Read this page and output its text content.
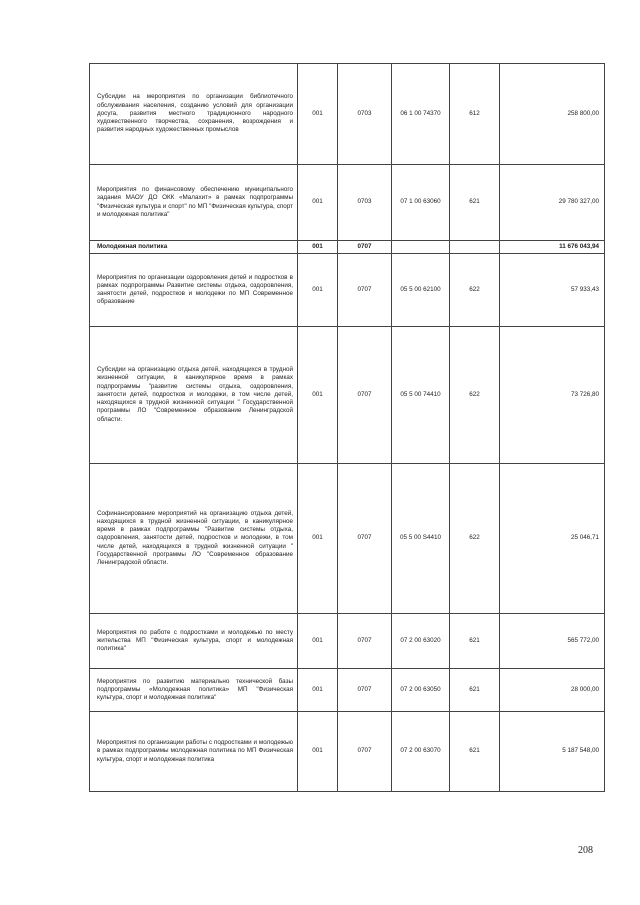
Субсидии на мероприятия по организации библиотечного обслуживания населения, созданию условий для организации досуга, развития местного традиционного народного художественного творчества, сохранения, возрождения и развития народных художественных промыслов	001	0703	06 1 00 74370	612	258 800,00
Мероприятия по финансовому обеспечению муниципального задания МАОУ ДО ОКК «Малахит» в рамках подпрограммы "Физическая культура и спорт" по МП "Физическая культура, спорт и молодежная политика"	001	0703	07 1 00 63060	621	29 780 327,00
Молодежная политика	001	0707			11 676 043,94
Мероприятия по организации оздоровления детей и подростков в рамках подпрограммы Развитие системы отдыха, оздоровления, занятости детей, подростков и молодежи по МП Современное образование	001	0707	05 5 00 62100	622	57 933,43
Субсидии на организацию отдыха детей, находящихся в трудной жизненной ситуации, в каникулярное время в рамках подпрограммы "развитие системы отдыха, оздоровления, занятости детей, подростков и молодежи, в том числе детей, находящихся в трудной жизненной ситуации " Государственной программы ЛО "Современное образование Ленинградской области.	001	0707	05 5 00 74410	622	73 726,80
Софинансирование мероприятий на организацию отдыха детей, находящихся в трудной жизненной ситуации, в каникулярное время в рамках подпрограммы "Развитие системы отдыха, оздоровления, занятости детей, подростков и молодежи, в том числе детей, находящихся в трудной жизненной ситуации " Государственной программы ЛО "Современное образование Ленинградской области.	001	0707	05 5 00 S4410	622	25 046,71
Мероприятия по работе с подростками и молодежью по месту жительства МП "Физическая культура, спорт и молодежная политика"	001	0707	07 2 00 63020	621	565 772,00
Мероприятия по развитию материально технической базы подпрограммы «Молодежная политика» МП "Физическая культура, спорт и молодежная политика"	001	0707	07 2 00 63050	621	28 000,00
Мероприятия по организации работы с подростками и молодежью в рамках подпрограммы молодежная политика по МП Физическая культура, спорт и молодежная политика	001	0707	07 2 00 63070	621	5 187 548,00
208
